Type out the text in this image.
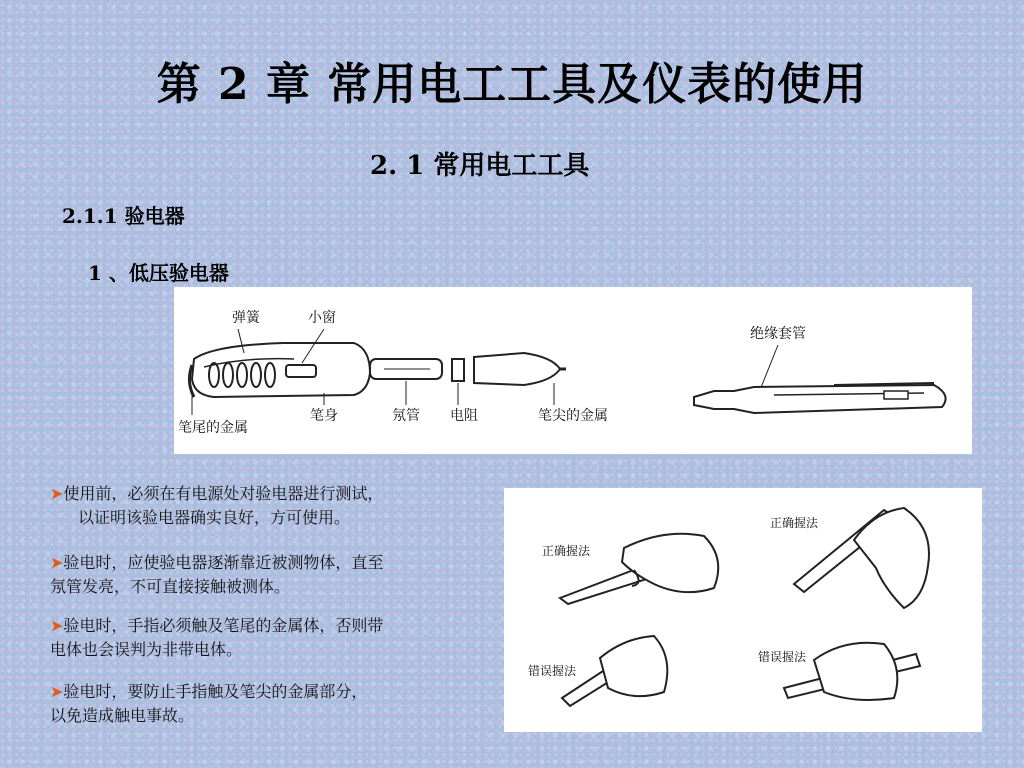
第 2 章 常用电工工具及仪表的使用
2. 1 常用电工工具
2.1.1 验电器
1 、低压验电器
弹簧	小窗
笔尾的金属
笔身	氖管 电阻	笔尖的金属
绝缘套管
➤使用前，必须在有电源处对验电器进行测试，
以证明该验电器确实良好，方可使用。
➤验电时，应使验电器逐渐靠近被测物体，直至
氖管发亮，不可直接接触被测体。
➤验电时，手指必须触及笔尾的金属体，否则带
电体也会误判为非带电体。
➤验电时，要防止手指触及笔尖的金属部分，
以免造成触电事故。
正确握法
正确握法
错误握法
错误握法
